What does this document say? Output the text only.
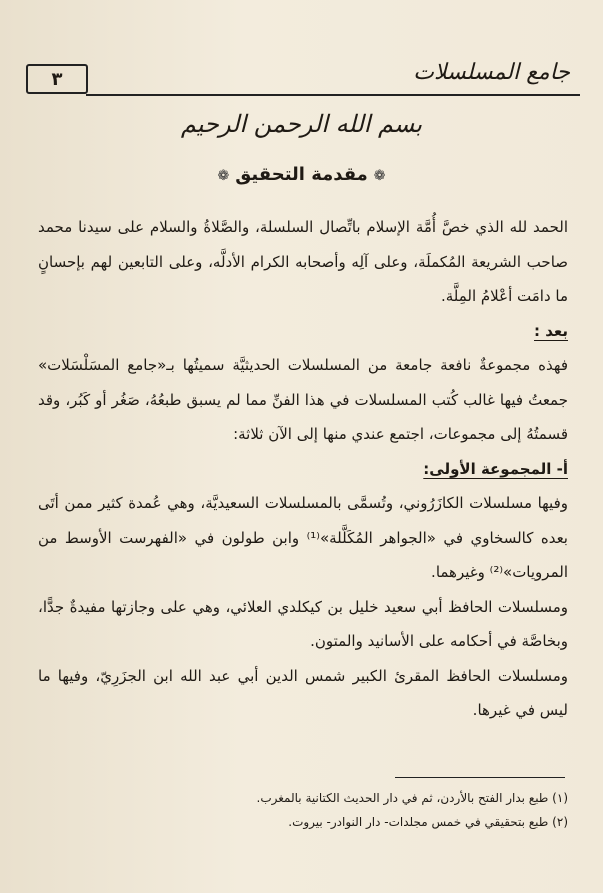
٣	جامع المسلسلات
بسم الله الرحمن الرحيم
❁مقدمة التحقيق❁

الحمد لله الذي خصَّ أُمَّة الإسلام باتِّصال السلسلة، والصَّلاةُ والسلام على سيدنا محمد صاحب الشريعة المُكملَة، وعلى آلِه وأصحابه الكرام الأدلَّه، وعلى التابعين لهم بإحسانٍ ما دامَت أعْلامُ المِلَّة.

بعد :

فهذه مجموعةٌ نافعة جامعة من المسلسلات الحديثيَّة سميتُها بـ«جامع المسَلْسَلات» جمعتُ فيها غالب كُتب المسلسلات في هذا الفنِّ مما لم يسبق طبعُهُ، صَغُر أو كَبُر، وقد قسمتُهُ إلى مجموعات، اجتمع عندي منها إلى الآن ثلاثة:

أ- المجموعة الأولى:

وفيها مسلسلات الكازَرُوني، وتُسمَّى بالمسلسلات السعيديَّة، وهي عُمدة كثير ممن أتَى بعده كالسخاوي في «الجواهر المُكَلَّلة»⁽¹⁾ وابن طولون في «الفهرست الأوسط من المرويات»⁽²⁾ وغيرهما.

ومسلسلات الحافظ أبي سعيد خليل بن كيكلدي العلائي، وهي على وجازتها مفيدةٌ جدًّا، وبخاصَّة في أحكامه على الأسانيد والمتون.

ومسلسلات الحافظ المقرئ الكبير شمس الدين أبي عبد الله ابن الجزَرِيّ، وفيها ما ليس في غيرها.

(١) طبع بدار الفتح بالأردن، ثم في دار الحديث الكتانية بالمغرب.

(٢) طبع بتحقيقي في خمس مجلدات- دار النوادر- بيروت.
